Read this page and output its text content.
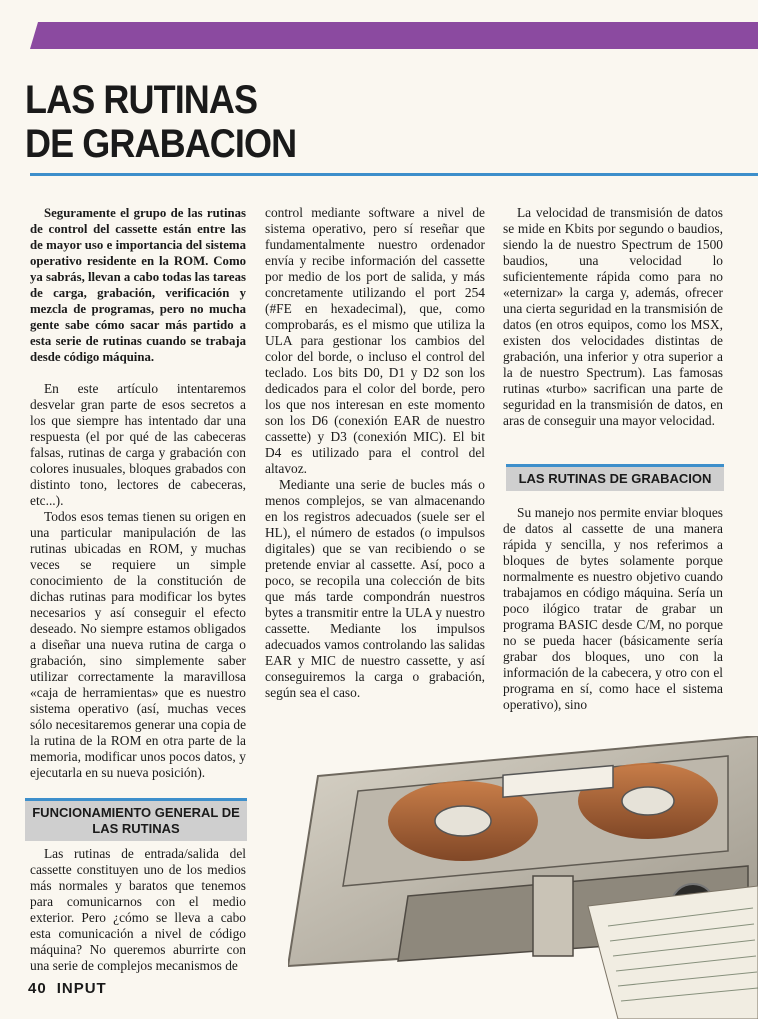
LAS RUTINAS
DE GRABACION

Seguramente el grupo de las rutinas de control del cassette están entre las de mayor uso e importancia del sistema operativo residente en la ROM. Como ya sabrás, llevan a cabo todas las tareas de carga, grabación, verificación y mezcla de programas, pero no mucha gente sabe cómo sacar más partido a esta serie de rutinas cuando se trabaja desde código máquina.

En este artículo intentaremos desvelar gran parte de esos secretos a los que siempre has intentado dar una respuesta (el por qué de las cabeceras falsas, rutinas de carga y grabación con colores inusuales, bloques grabados con distinto tono, lectores de cabeceras, etc...).

Todos esos temas tienen su origen en una particular manipulación de las rutinas ubicadas en ROM, y muchas veces se requiere un simple conocimiento de la constitución de dichas rutinas para modificar los bytes necesarios y así conseguir el efecto deseado. No siempre estamos obligados a diseñar una nueva rutina de carga o grabación, sino simplemente saber utilizar correctamente la maravillosa «caja de herramientas» que es nuestro sistema operativo (así, muchas veces sólo necesitaremos generar una copia de la rutina de la ROM en otra parte de la memoria, modificar unos pocos datos, y ejecutarla en su nueva posición).

FUNCIONAMIENTO GENERAL DE LAS RUTINAS

Las rutinas de entrada/salida del cassette constituyen uno de los medios más normales y baratos que tenemos para comunicarnos con el medio exterior. Pero ¿cómo se lleva a cabo esta comunicación a nivel de código máquina? No queremos aburrirte con una serie de complejos mecanismos de

control mediante software a nivel de sistema operativo, pero sí reseñar que fundamentalmente nuestro ordenador envía y recibe información del cassette por medio de los port de salida, y más concretamente utilizando el port 254 (#FE en hexadecimal), que, como comprobarás, es el mismo que utiliza la ULA para gestionar los cambios del color del borde, o incluso el control del teclado. Los bits D0, D1 y D2 son los dedicados para el color del borde, pero los que nos interesan en este momento son los D6 (conexión EAR de nuestro cassette) y D3 (conexión MIC). El bit D4 es utilizado para el control del altavoz.

Mediante una serie de bucles más o menos complejos, se van almacenando en los registros adecuados (suele ser el HL), el número de estados (o impulsos digitales) que se van recibiendo o se pretende enviar al cassette. Así, poco a poco, se recopila una colección de bits que más tarde compondrán nuestros bytes a transmitir entre la ULA y nuestro cassette. Mediante los impulsos adecuados vamos controlando las salidas EAR y MIC de nuestro cassette, y así conseguiremos la carga o grabación, según sea el caso.

La velocidad de transmisión de datos se mide en Kbits por segundo o baudios, siendo la de nuestro Spectrum de 1500 baudios, una velocidad lo suficientemente rápida como para no «eternizar» la carga y, además, ofrecer una cierta seguridad en la transmisión de datos (en otros equipos, como los MSX, existen dos velocidades distintas de grabación, una inferior y otra superior a la de nuestro Spectrum). Las famosas rutinas «turbo» sacrifican una parte de seguridad en la transmisión de datos, en aras de conseguir una mayor velocidad.

LAS RUTINAS DE GRABACION

Su manejo nos permite enviar bloques de datos al cassette de una manera rápida y sencilla, y nos referimos a bloques de bytes solamente porque normalmente es nuestro objetivo cuando trabajamos en código máquina. Sería un poco ilógico tratar de grabar un programa BASIC desde C/M, no porque no se pueda hacer (básicamente sería grabar dos bloques, uno con la información de la cabecera, y otro con el programa en sí, como hace el sistema operativo), sino

40 INPUT
